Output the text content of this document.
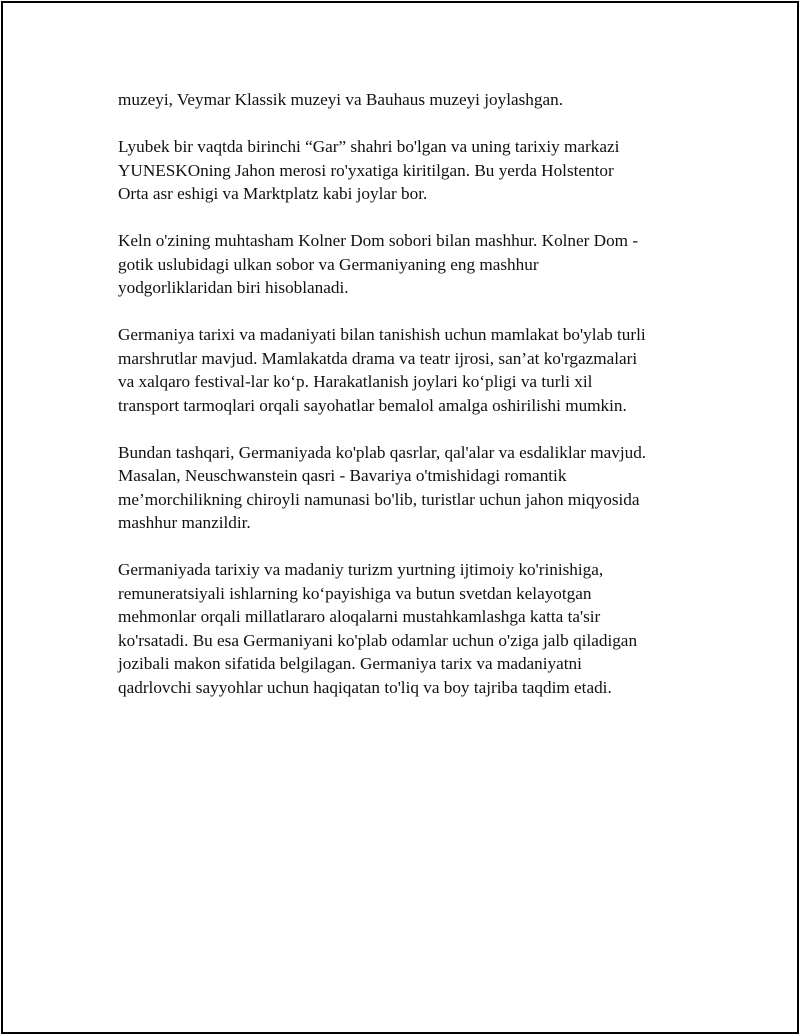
muzeyi, Veymar Klassik muzeyi va Bauhaus muzeyi joylashgan.

Lyubek bir vaqtda birinchi “Gar” shahri bo'lgan va uning tarixiy markazi
YUNESKOning Jahon merosi ro'yxatiga kiritilgan. Bu yerda Holstentor
Orta asr eshigi va Marktplatz kabi joylar bor.

Keln o'zining muhtasham Kolner Dom sobori bilan mashhur. Kolner Dom -
gotik uslubidagi ulkan sobor va Germaniyaning eng mashhur
yodgorliklaridan biri hisoblanadi.

Germaniya tarixi va madaniyati bilan tanishish uchun mamlakat bo'ylab turli
marshrutlar mavjud. Mamlakatda drama va teatr ijrosi, san’at ko'rgazmalari
va xalqaro festival-lar ko‘p. Harakatlanish joylari ko‘pligi va turli xil
transport tarmoqlari orqali sayohatlar bemalol amalga oshirilishi mumkin.

Bundan tashqari, Germaniyada ko'plab qasrlar, qal'alar va esdaliklar mavjud.
Masalan, Neuschwanstein qasri - Bavariya o'tmishidagi romantik
me’morchilikning chiroyli namunasi bo'lib, turistlar uchun jahon miqyosida
mashhur manzildir.

Germaniyada tarixiy va madaniy turizm yurtning ijtimoiy ko'rinishiga,
remuneratsiyali ishlarning ko‘payishiga va butun svetdan kelayotgan
mehmonlar orqali millatlararo aloqalarni mustahkamlashga katta ta'sir
ko'rsatadi. Bu esa Germaniyani ko'plab odamlar uchun o'ziga jalb qiladigan
jozibali makon sifatida belgilagan. Germaniya tarix va madaniyatni
qadrlovchi sayyohlar uchun haqiqatan to'liq va boy tajriba taqdim etadi.
